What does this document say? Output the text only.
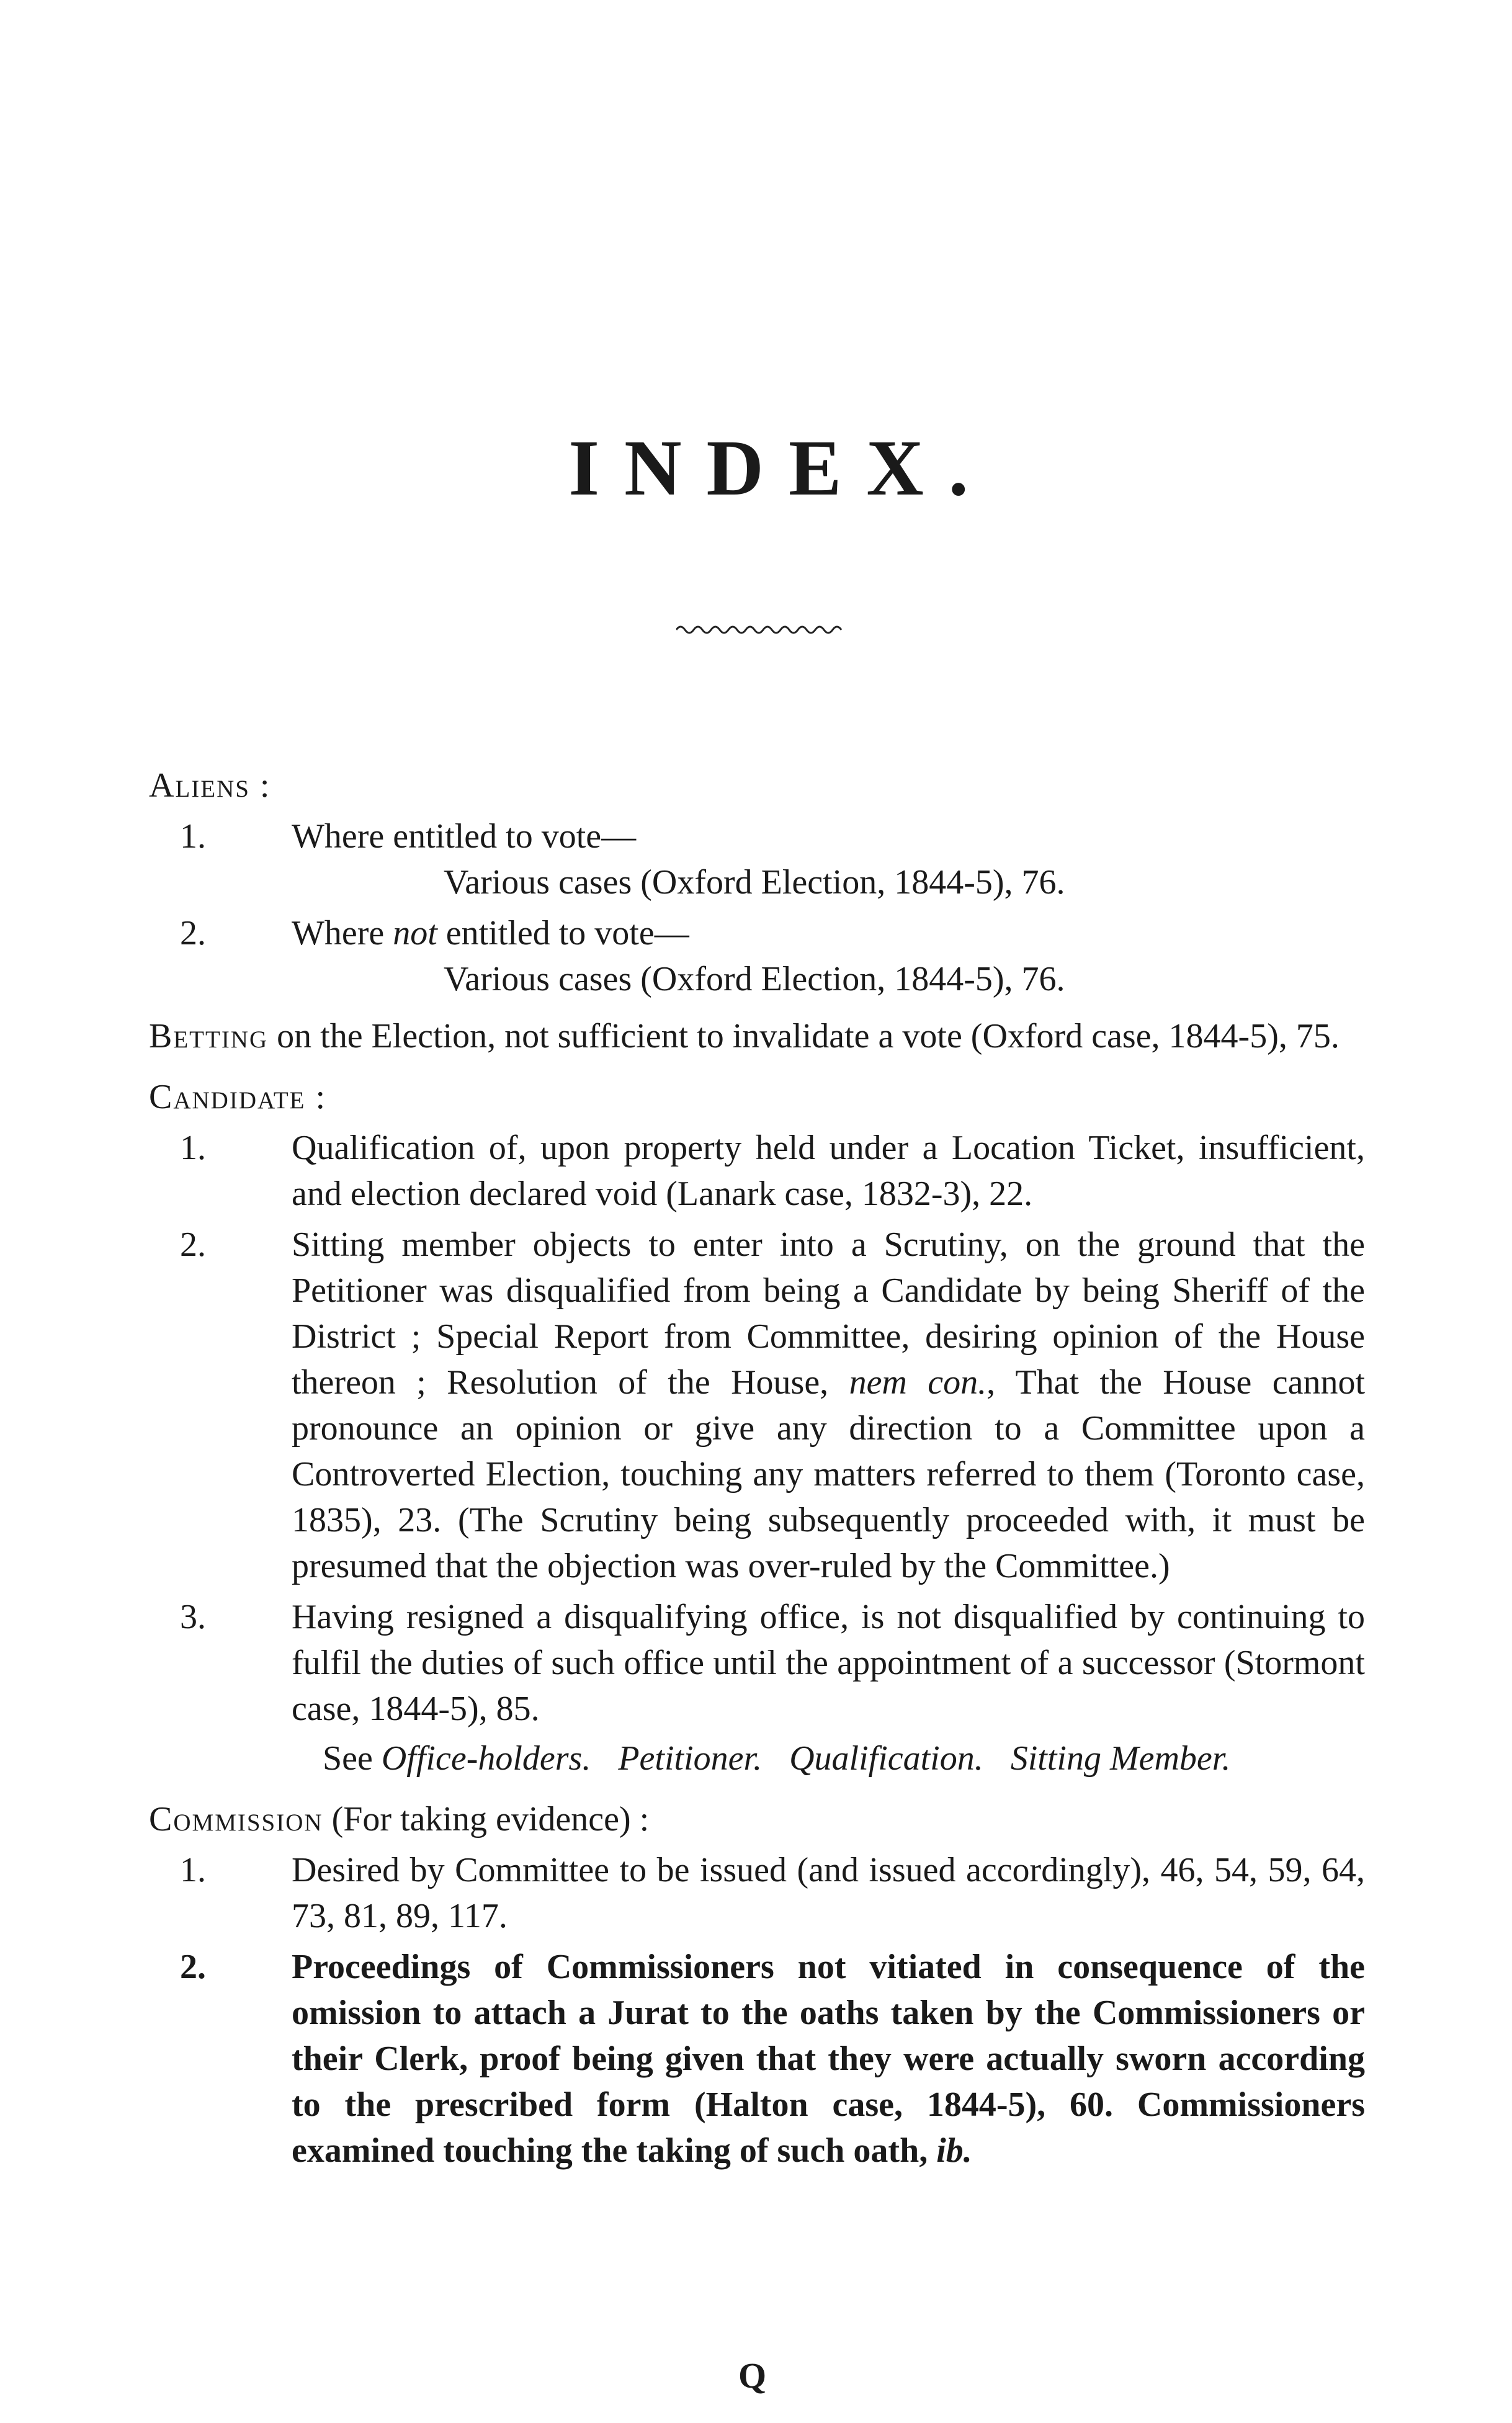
INDEX.
Aliens :
1. Where entitled to vote—
Various cases (Oxford Election, 1844-5), 76.
2. Where not entitled to vote—
Various cases (Oxford Election, 1844-5), 76.
Betting on the Election, not sufficient to invalidate a vote (Oxford case, 1844-5), 75.
Candidate :
1. Qualification of, upon property held under a Location Ticket, insufficient, and election declared void (Lanark case, 1832-3), 22.
2. Sitting member objects to enter into a Scrutiny, on the ground that the Petitioner was disqualified from being a Candidate by being Sheriff of the District ; Special Report from Committee, desiring opinion of the House thereon ; Resolution of the House, nem con., That the House cannot pronounce an opinion or give any direction to a Committee upon a Controverted Election, touching any matters referred to them (Toronto case, 1835), 23. (The Scrutiny being subsequently proceeded with, it must be presumed that the objection was over-ruled by the Committee.)
3. Having resigned a disqualifying office, is not disqualified by continuing to fulfil the duties of such office until the appointment of a successor (Stormont case, 1844-5), 85.
See Office-holders. Petitioner. Qualification. Sitting Member.
Commission (For taking evidence) :
1. Desired by Committee to be issued (and issued accordingly), 46, 54, 59, 64, 73, 81, 89, 117.
2. Proceedings of Commissioners not vitiated in consequence of the omission to attach a Jurat to the oaths taken by the Commissioners or their Clerk, proof being given that they were actually sworn according to the prescribed form (Halton case, 1844-5), 60. Commissioners examined touching the taking of such oath, ib.
Q
